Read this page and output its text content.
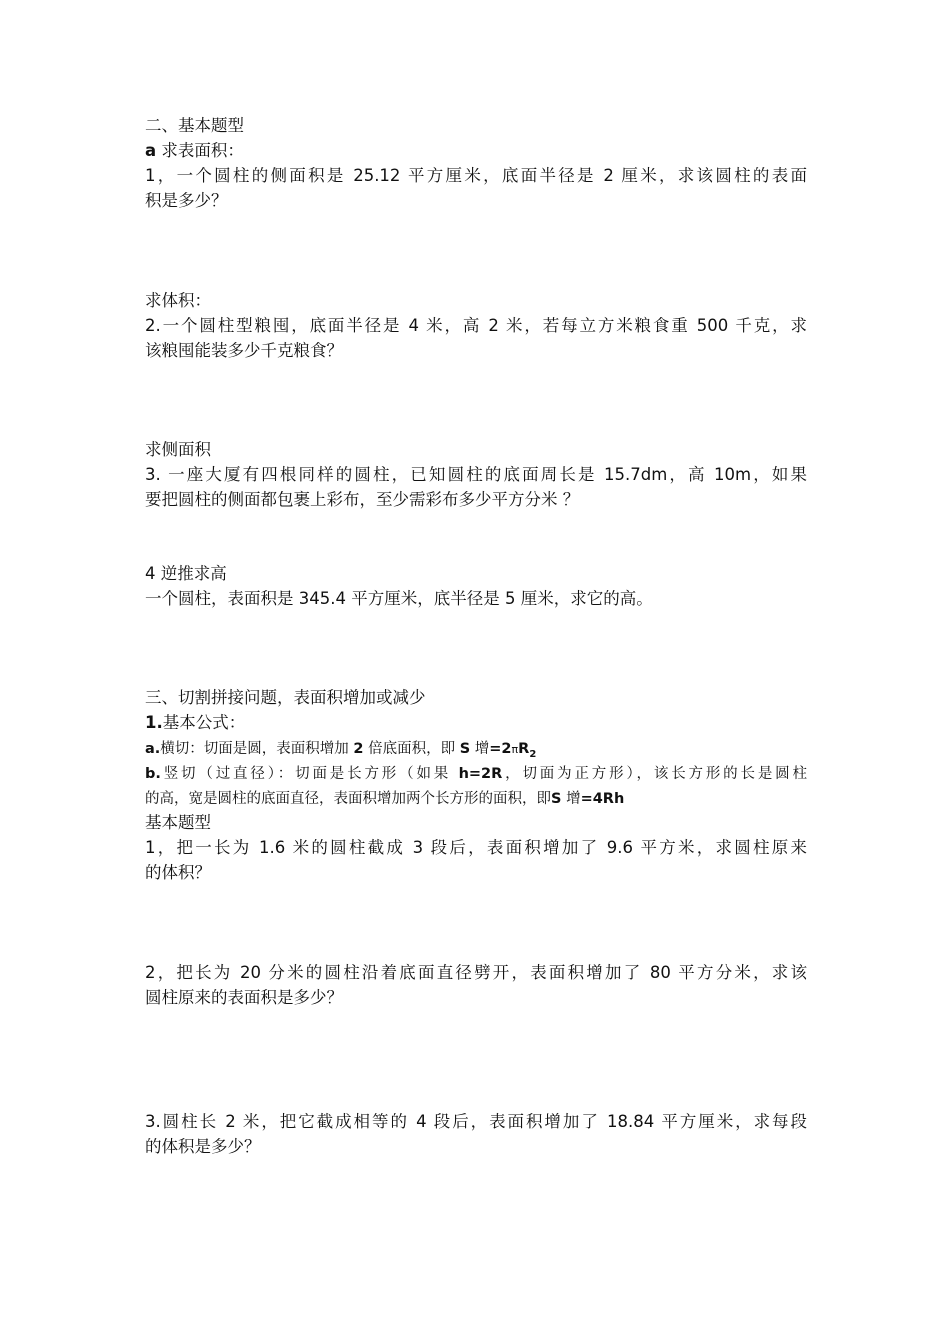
二、基本题型

a 求表面积：

1，一个圆柱的侧面积是 25.12 平方厘米，底面半径是 2 厘米，求该圆柱的表面

积是多少？

求体积：

2.一个圆柱型粮囤，底面半径是 4 米，高 2 米，若每立方米粮食重 500 千克，求

该粮囤能装多少千克粮食？

求侧面积

3. 一座大厦有四根同样的圆柱，已知圆柱的底面周长是 15.7dm，高 10m，如果

要把圆柱的侧面都包裹上彩布，至少需彩布多少平方分米 ？

4 逆推求高

一个圆柱，表面积是 345.4 平方厘米，底半径是 5 厘米，求它的高。

三、切割拼接问题，表面积增加或减少

1.基本公式：

a.横切：切面是圆，表面积增加 2 倍底面积，即 S 增$=2\pi R_2$

b.竖切（过直径）：切面是长方形（如果 h=2R，切面为正方形），该长方形的长是圆柱

的高，宽是圆柱的底面直径，表面积增加两个长方形的面积，即S 增=4Rh

基本题型

1，把一长为 1.6 米的圆柱截成 3 段后，表面积增加了 9.6 平方米，求圆柱原来

的体积？

2，把长为 20 分米的圆柱沿着底面直径劈开，表面积增加了 80 平方分米，求该

圆柱原来的表面积是多少？

3.圆柱长 2 米，把它截成相等的 4 段后，表面积增加了 18.84 平方厘米，求每段

的体积是多少？
